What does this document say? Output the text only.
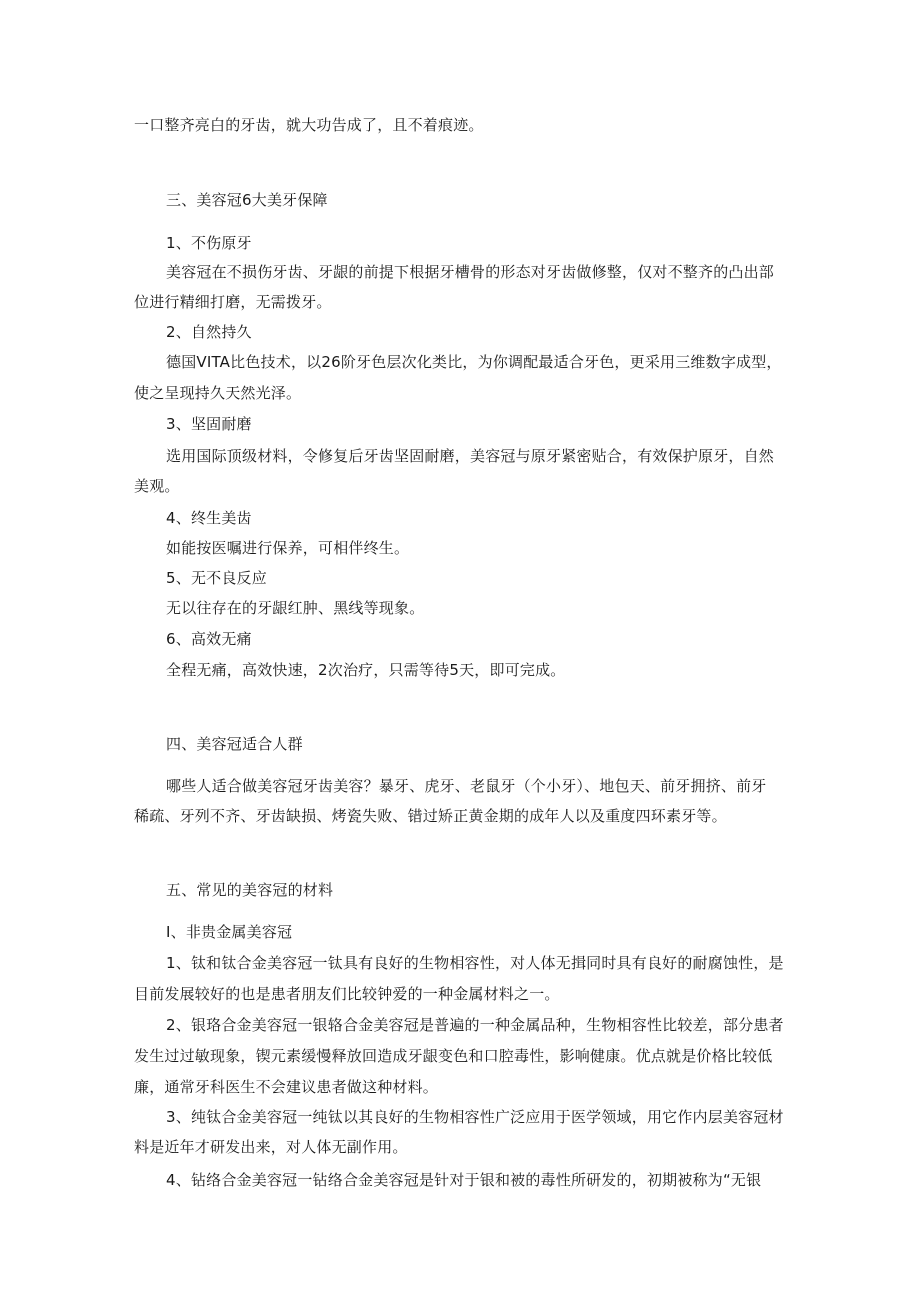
一口整齐亮白的牙齿，就大功告成了，且不着痕迹。
三、美容冠6大美牙保障
1、不伤原牙
美容冠在不损伤牙齿、牙龈的前提下根据牙槽骨的形态对牙齿做修整，仅对不整齐的凸出部
位进行精细打磨，无需拨牙。
2、自然持久
德国VITA比色技术，以26阶牙色层次化类比，为你调配最适合牙色，更采用三维数字成型，
使之呈现持久天然光泽。
3、坚固耐磨
选用国际顶级材料，令修复后牙齿坚固耐磨，美容冠与原牙紧密贴合，有效保护原牙，自然
美观。
4、终生美齿
如能按医嘱进行保养，可相伴终生。
5、无不良反应
无以往存在的牙龈红肿、黑线等现象。
6、高效无痛
全程无痛，高效快速，2次治疗，只需等待5天，即可完成。
四、美容冠适合人群
哪些人适合做美容冠牙齿美容？暴牙、虎牙、老鼠牙（个小牙）、地包天、前牙拥挤、前牙
稀疏、牙列不齐、牙齿缺损、烤瓷失败、错过矫正黄金期的成年人以及重度四环素牙等。
五、常见的美容冠的材料
I、非贵金属美容冠
1、钛和钛合金美容冠一钛具有良好的生物相容性，对人体无揖同时具有良好的耐腐蚀性，是
目前发展较好的也是患者朋友们比较钟爱的一种金属材料之一。
2、银珞合金美容冠一银辂合金美容冠是普遍的一种金属品种，生物相容性比较差，部分患者
发生过过敏现象，锲元素缓慢释放回造成牙龈变色和口腔毒性，影响健康。优点就是价格比较低
廉，通常牙科医生不会建议患者做这种材料。
3、纯钛合金美容冠一纯钛以其良好的生物相容性广泛应用于医学领域，用它作内层美容冠材
料是近年才研发出来，对人体无副作用。
4、钻络合金美容冠一钻络合金美容冠是针对于银和被的毒性所研发的，初期被称为“无银
